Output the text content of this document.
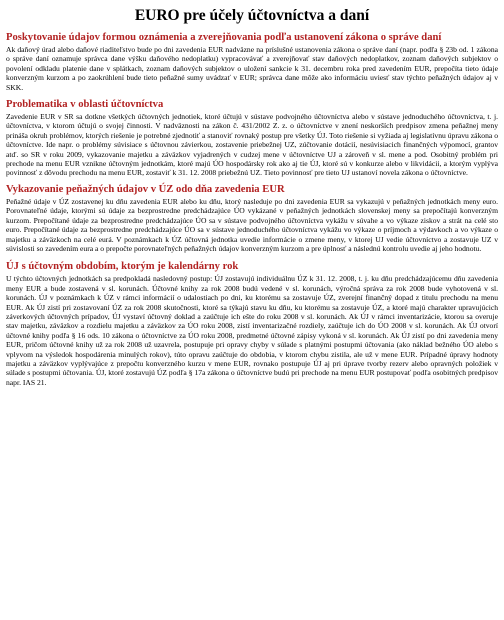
EURO pre účely účtovníctva a daní
Poskytovanie údajov formou oznámenia a zverejňovania podľa ustanovení zákona o správe daní

Ak daňový úrad alebo daňové riaditeľstvo bude po dni zavedenia EUR nadväzne na príslušné ustanovenia zákona o správe daní (napr. podľa § 23b od. 1 zákona o správe daní oznamuje správca dane výšku daňového nedoplatku) vypracovávať a zverejňovať stav daňových nedoplatkov, zoznam daňových subjektov o povolení odkladu platenie dane v splátkach, zoznam daňových subjektov o uložení sankcie k 31. decembru roka pred zavedením EUR, prepočíta tieto údaje konverzným kurzom a po zaokrúhlení bude tieto peňažné sumy uvádzať v EUR; správca dane môže ako informáciu uviesť stav týchto peňažných údajov aj v SKK.

Problematika v oblasti účtovníctva

Zavedenie EUR v SR sa dotkne všetkých účtovných jednotiek, ktoré účtujú v sústave podvojného účtovníctva alebo v sústave jednoduchého účtovníctva, t. j. účtovníctva, v ktorom účtujú o svojej činnosti. V nadväznosti na zákon č. 431/2002 Z. z. o účtovníctve v znení neskorších predpisov zmena peňažnej meny prináša okruh problémov, ktorých riešenie je potrebné zjednotiť a stanoviť rovnaký postup pre všetky ÚJ. Toto riešenie si vyžiada aj legislatívnu úpravu zákona o účtovníctve. Ide napr. o problémy súvisiace s účtovnou závierkou, zostavenie priebežnej UZ, zúčtovanie dotácií, nesúvisiacich finančných výpomocí, grantov atď. so SR v roku 2009, vykazovanie majetku a záväzkov vyjadrených v cudzej mene v účtovníctve UJ a zároveň v sl. mene a pod. Osobitný problém pri prechode na menu EUR vznikne účtovným jednotkám, ktoré majú ÚO hospodársky rok ako aj tie ÚJ, ktoré sú v konkurze alebo v likvidácii, a ktorým vyplýva povinnosť z dôvodu prechodu na menu EUR, zostaviť k 31. 12. 2008 priebežnú UZ. Tieto povinnosť pre tieto UJ ustanoví novela zákona o účtovníctve.

Vykazovanie peňažných údajov v ÚZ odo dňa zavedenia EUR

Peňažné údaje v ÚZ zostavenej ku dňu zavedenia EUR alebo ku dňu, ktorý nasleduje po dni zavedenia EUR sa vykazujú v peňažných jednotkách meny euro. Porovnateľné údaje, ktorými sú údaje za bezprostredne predchádzajúce ÚO vykázané v peňažných jednotkách slovenskej meny sa prepočítajú konverzným kurzom. Prepočítané údaje za bezprostredne predchádzajúce ÚO sa v sústave podvojného účtovníctva vykážu v súvahe a vo výkaze ziskov a strát na celé sto euro. Prepočítané údaje za bezprostredne predchádzajúce ÚO sa v sústave jednoduchého účtovníctva vykážu vo výkaze o príjmoch a výdavkoch a vo výkaze o majetku a záväzkoch na celé eurá. V poznámkach k ÚZ účtovná jednotka uvedie informácie o zmene meny, v ktorej UJ vedie účtovníctvo a zostavuje UZ v súvislosti so zavedením eura a o prepočte porovnateľných peňažných údajov konverzným kurzom a pre úplnosť a následnú kontrolu uvedie aj jeho hodnotu.

ÚJ s účtovným obdobím, ktorým je kalendárny rok

U týchto účtovných jednotkách sa predpokladá nasledovný postup: ÚJ zostavujú individuálnu ÚZ k 31. 12. 2008, t. j. ku dňu predchádzajúcemu dňu zavedenia meny EUR a bude zostavená v sl. korunách. Účtovné knihy za rok 2008 budú vedené v sl. korunách, výročná správa za rok 2008 bude vyhotovená v sl. korunách. ÚJ v poznámkach k ÚZ v rámci informácií o udalostiach po dni, ku ktorému sa zostavuje ÚZ, zverejní finančný dopad z titulu prechodu na menu EUR. Ak ÚJ zistí pri zostavovaní ÚZ za rok 2008 skutočnosti, ktoré sa týkajú stavu ku dňu, ku ktorému sa zostavuje ÚZ, a ktoré majú charakter upravujúcich záverkových účtovných prípadov, ÚJ vystaví účtovný doklad a zaúčtuje ich ešte do roku 2008 v sl. korunách. Ak ÚJ v rámci inventarizácie, ktorou sa overuje stav majetku, záväzkov a rozdielu majetku a záväzkov za ÚO roku 2008, zistí inventarizačné rozdiely, zaúčtuje ich do ÚO 2008 v sl. korunách. Ak ÚJ otvorí účtovné knihy podľa § 16 ods. 10 zákona o účtovníctve za ÚO roku 2008, predmetné účtovné zápisy vykoná v sl. korunách. Ak ÚJ zistí po dni zavedenia meny EUR, pričom účtovné knihy už za rok 2008 už uzavrela, postupuje pri opravy chyby v súlade s platnými postupmi účtovania (ako náklad bežného ÚO alebo s vplyvom na výsledok hospodárenia minulých rokov), túto opravu zaúčtuje do obdobia, v ktorom chybu zistila, ale už v mene EUR. Prípadné úpravy hodnoty majetku a záväzkov vyplývajúce z prepočtu konverzného kurzu v mene EUR, rovnako postupuje ÚJ aj pri úprave tvorby rezerv alebo opravných položiek v súlade s postupmi účtovania. ÚJ, ktoré zostavujú ÚZ podľa § 17a zákona o účtovníctve budú pri prechode na menu EUR postupovať podľa osobitných predpisov napr. IAS 21.
